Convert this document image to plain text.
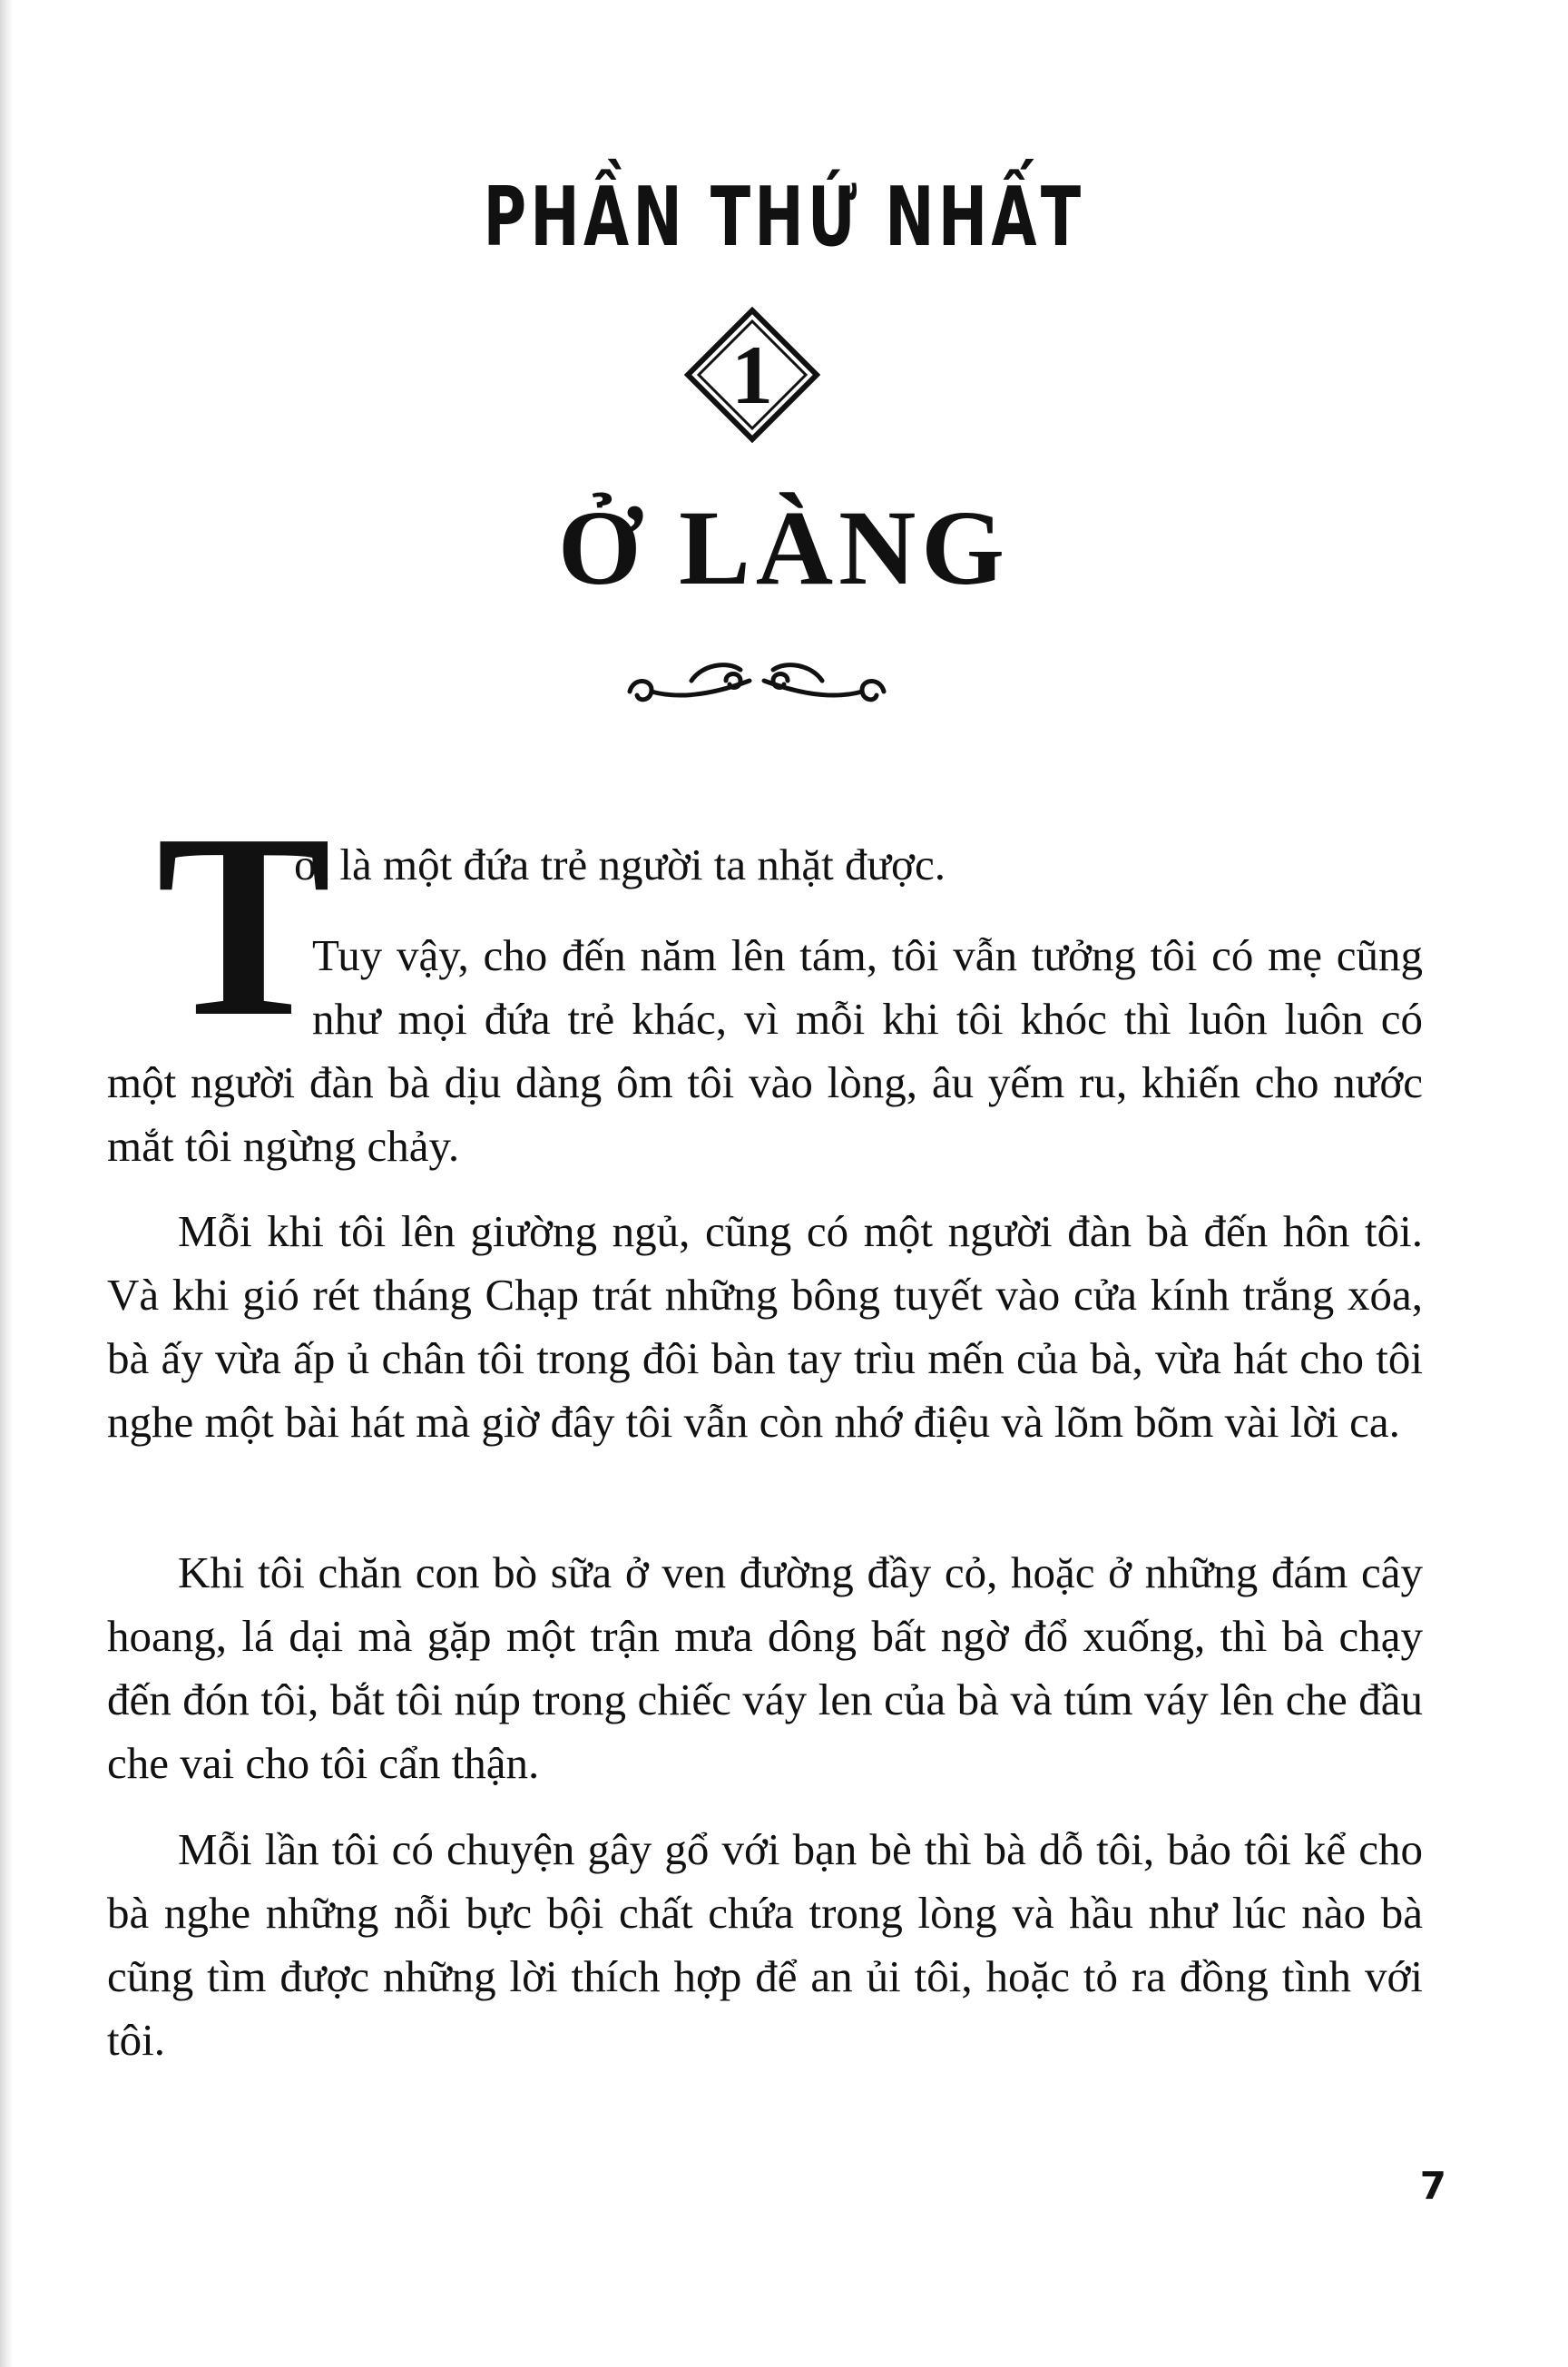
PHẦN THỨ NHẤT
1
Ở LÀNG
T

ôi là một đứa trẻ người ta nhặt được.

Tuy vậy, cho đến năm lên tám, tôi vẫn tưởng tôi có mẹ cũng như mọi đứa trẻ khác, vì mỗi khi tôi khóc thì luôn luôn có một người đàn bà dịu dàng ôm tôi vào lòng, âu yếm ru, khiến cho nước mắt tôi ngừng chảy.

Mỗi khi tôi lên giường ngủ, cũng có một người đàn bà đến hôn tôi. Và khi gió rét tháng Chạp trát những bông tuyết vào cửa kính trắng xóa, bà ấy vừa ấp ủ chân tôi trong đôi bàn tay trìu mến của bà, vừa hát cho tôi nghe một bài hát mà giờ đây tôi vẫn còn nhớ điệu và lõm bõm vài lời ca.

Khi tôi chăn con bò sữa ở ven đường đầy cỏ, hoặc ở những đám cây hoang, lá dại mà gặp một trận mưa dông bất ngờ đổ xuống, thì bà chạy đến đón tôi, bắt tôi núp trong chiếc váy len của bà và túm váy lên che đầu che vai cho tôi cẩn thận.

Mỗi lần tôi có chuyện gây gổ với bạn bè thì bà dỗ tôi, bảo tôi kể cho bà nghe những nỗi bực bội chất chứa trong lòng và hầu như lúc nào bà cũng tìm được những lời thích hợp để an ủi tôi, hoặc tỏ ra đồng tình với tôi.

7
